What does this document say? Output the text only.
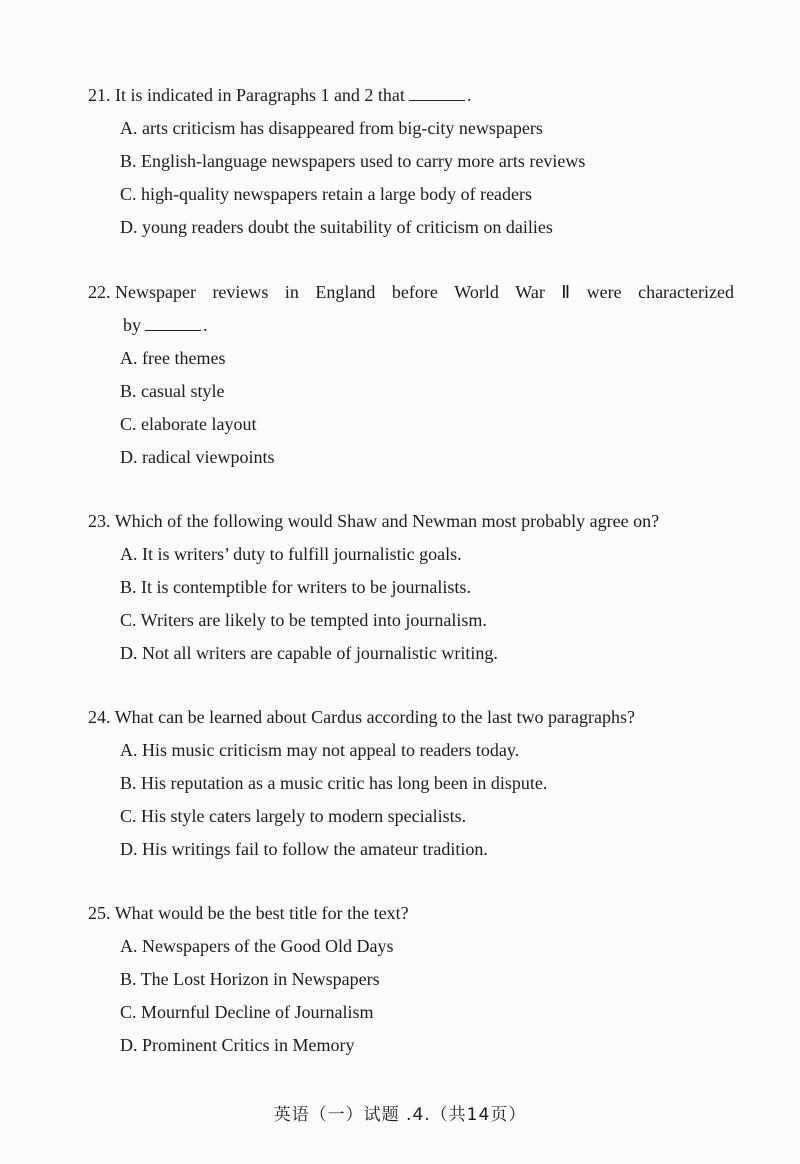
21. It is indicated in Paragraphs 1 and 2 that	.
A. arts criticism has disappeared from big-city newspapers
B. English-language newspapers used to carry more arts reviews
C. high-quality newspapers retain a large body of readers
D. young readers doubt the suitability of criticism on dailies
22. Newspaper reviews in England before World War Ⅱ were characterized
by	.
A. free themes
B. casual style
C. elaborate layout
D. radical viewpoints
23. Which of the following would Shaw and Newman most probably agree on?
A. It is writers’ duty to fulfill journalistic goals.
B. It is contemptible for writers to be journalists.
C. Writers are likely to be tempted into journalism.
D. Not all writers are capable of journalistic writing.
24. What can be learned about Cardus according to the last two paragraphs?
A. His music criticism may not appeal to readers today.
B. His reputation as a music critic has long been in dispute.
C. His style caters largely to modern specialists.
D. His writings fail to follow the amateur tradition.
25. What would be the best title for the text?
A. Newspapers of the Good Old Days
B. The Lost Horizon in Newspapers
C. Mournful Decline of Journalism
D. Prominent Critics in Memory
英语（一）试题 .4.（共14页）
